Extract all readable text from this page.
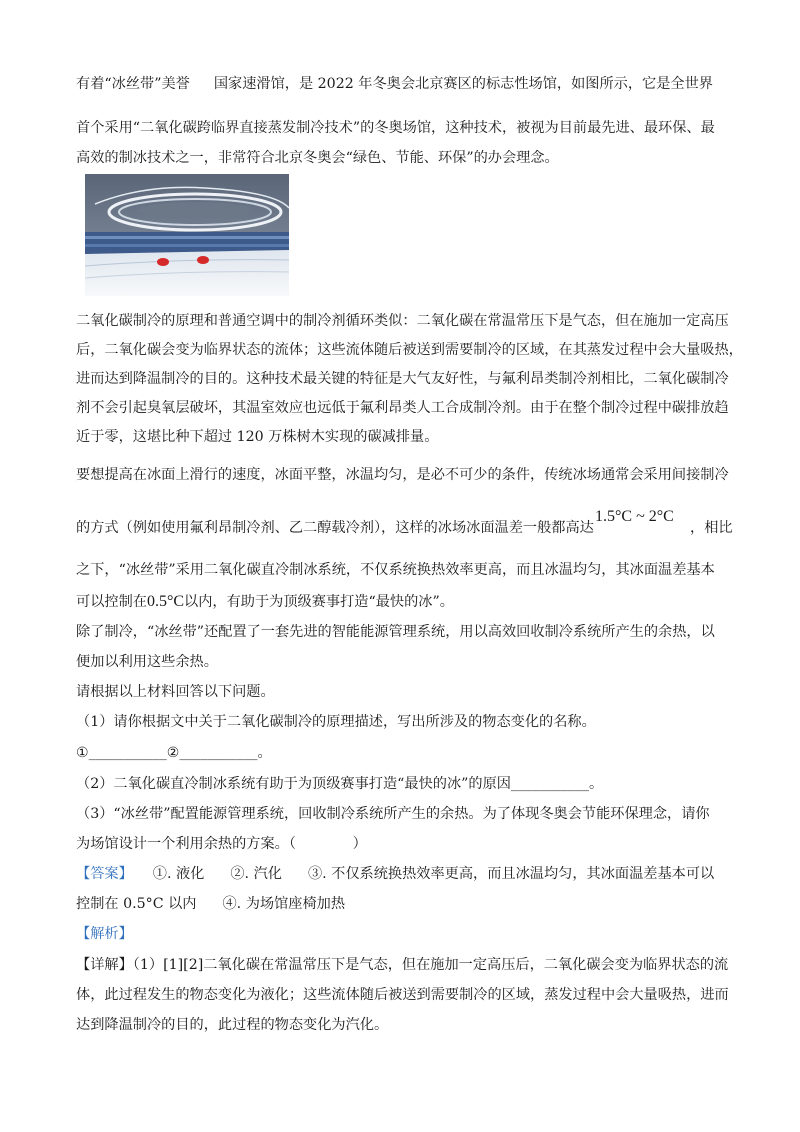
有着“冰丝带”美誉 国家速滑馆，是 2022 年冬奥会北京赛区的标志性场馆，如图所示，它是全世界
首个采用“二氧化碳跨临界直接蒸发制冷技术”的冬奥场馆，这种技术，被视为目前最先进、最环保、最
高效的制冰技术之一，非常符合北京冬奥会“绿色、节能、环保”的办会理念。
二氧化碳制冷的原理和普通空调中的制冷剂循环类似：二氧化碳在常温常压下是气态，但在施加一定高压
后，二氧化碳会变为临界状态的流体；这些流体随后被送到需要制冷的区域，在其蒸发过程中会大量吸热，
进而达到降温制冷的目的。这种技术最关键的特征是大气友好性，与氟利昂类制冷剂相比，二氧化碳制冷
剂不会引起臭氧层破坏，其温室效应也远低于氟利昂类人工合成制冷剂。由于在整个制冷过程中碳排放趋
近于零，这堪比种下超过 120 万株树木实现的碳减排量。
要想提高在冰面上滑行的速度，冰面平整，冰温均匀，是必不可少的条件，传统冰场通常会采用间接制冷
的方式（例如使用氟利昂制冷剂、乙二醇载冷剂），这样的冰场冰面温差一般都高达
1.5°C ~ 2°C
，相比
之下，“冰丝带”采用二氧化碳直冷制冰系统，不仅系统换热效率更高，而且冰温均匀，其冰面温差基本
可以控制在0.5°C以内，有助于为顶级赛事打造“最快的冰”。
除了制冷，“冰丝带”还配置了一套先进的智能能源管理系统，用以高效回收制冷系统所产生的余热，以
便加以利用这些余热。
请根据以上材料回答以下问题。
（1）请你根据文中关于二氧化碳制冷的原理描述，写出所涉及的物态变化的名称。
①___________②___________。
（2）二氧化碳直冷制冰系统有助于为顶级赛事打造“最快的冰”的原因___________。
（3）“冰丝带”配置能源管理系统，回收制冷系统所产生的余热。为了体现冬奥会节能环保理念，请你
为场馆设计一个利用余热的方案。（　　　　）
【答案】 ①. 液化 ②. 汽化 ③. 不仅系统换热效率更高，而且冰温均匀，其冰面温差基本可以
控制在 0.5°C 以内 ④. 为场馆座椅加热
【解析】
【详解】（1）[1][2]二氧化碳在常温常压下是气态，但在施加一定高压后，二氧化碳会变为临界状态的流
体，此过程发生的物态变化为液化；这些流体随后被送到需要制冷的区域，蒸发过程中会大量吸热，进而
达到降温制冷的目的，此过程的物态变化为汽化。
